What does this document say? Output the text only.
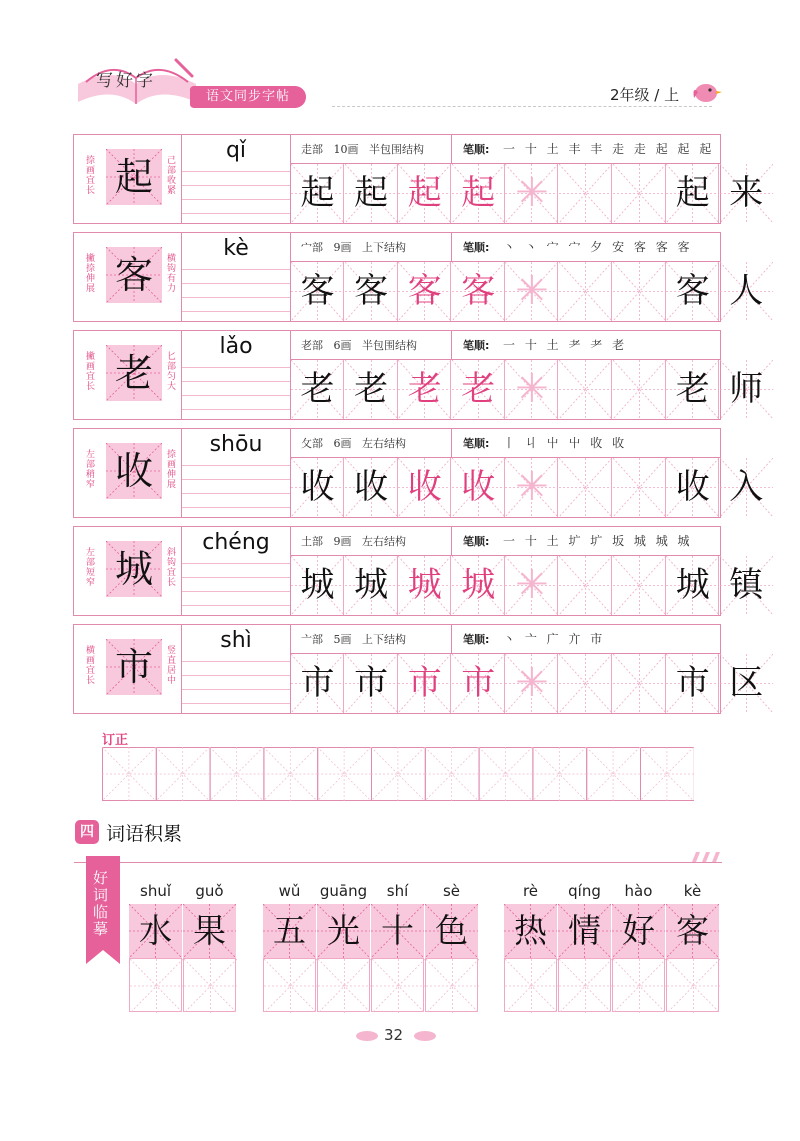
写好字
语文同步字帖	2年级 / 上
捺画宜长 起	己部收紧
qǐ	走部   10画   半包围结构	笔顺: 一 十 土 丰 丰 走 走 起 起 起
起 起 起 起 ✳	起 来
撇捺伸展 客	横钩有力
kè	宀部   9画   上下结构	笔顺: 丶 丶 宀 宀 夕 安 客 客 客
客 客 客 客 ✳	客 人
撇画宜长 老	匕部匀大
lǎo	老部   6画   半包围结构	笔顺: 一 十 土 耂 耂 老
老 老 老 老 ✳	老 师
左部稍窄 收	捺画伸展
shōu	攵部   6画   左右结构	笔顺: 丨 丩 屮 屮 收 收
收 收 收 收 ✳	收 入
左部短窄 城	斜钩宜长
chéng	土部   9画   左右结构	笔顺: 一 十 土 圹 圹 坂 城 城 城
城 城 城 城 ✳	城 镇
横画宜长 市	竖直居中
shì	亠部   5画   上下结构	笔顺: 丶 亠 广 亣 市
市 市 市 市 ✳	市 区
订正
四 词语积累
好词临摹	shuǐ
水
guǒ
果
wǔ
五
guāng
光
shí
十
sè
色
rè
热
qíng
情
hào
好
kè
客
32
